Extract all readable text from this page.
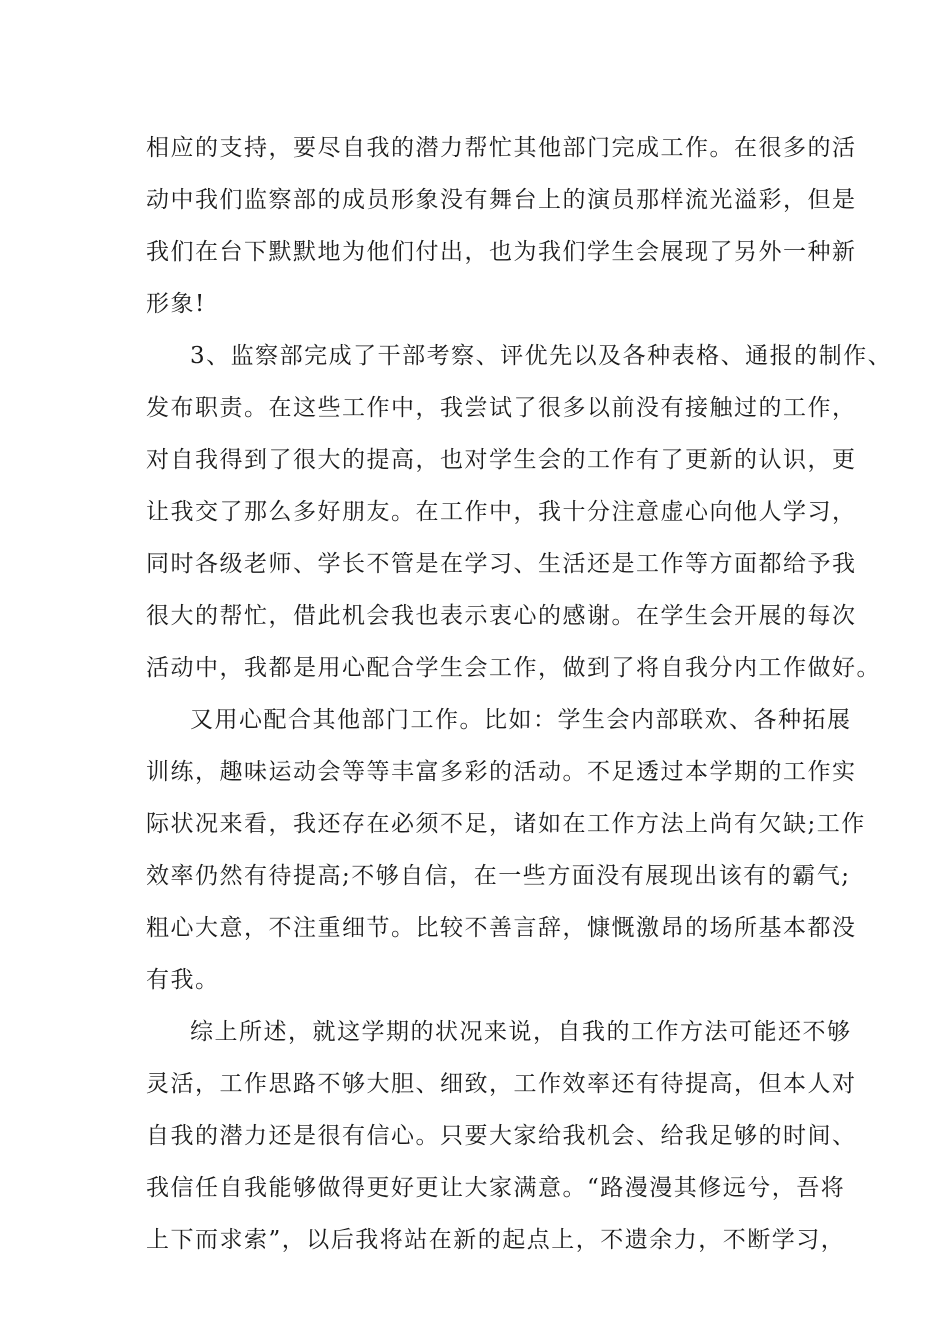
相应的支持，要尽自我的潜力帮忙其他部门完成工作。在很多的活

动中我们监察部的成员形象没有舞台上的演员那样流光溢彩，但是

我们在台下默默地为他们付出，也为我们学生会展现了另外一种新

形象!

3、监察部完成了干部考察、评优先以及各种表格、通报的制作、

发布职责。在这些工作中，我尝试了很多以前没有接触过的工作，

对自我得到了很大的提高，也对学生会的工作有了更新的认识，更

让我交了那么多好朋友。在工作中，我十分注意虚心向他人学习，

同时各级老师、学长不管是在学习、生活还是工作等方面都给予我

很大的帮忙，借此机会我也表示衷心的感谢。在学生会开展的每次

活动中，我都是用心配合学生会工作，做到了将自我分内工作做好。

又用心配合其他部门工作。比如：学生会内部联欢、各种拓展

训练，趣味运动会等等丰富多彩的活动。不足透过本学期的工作实

际状况来看，我还存在必须不足，诸如在工作方法上尚有欠缺;工作

效率仍然有待提高;不够自信，在一些方面没有展现出该有的霸气;

粗心大意，不注重细节。比较不善言辞，慷慨激昂的场所基本都没

有我。

综上所述，就这学期的状况来说，自我的工作方法可能还不够

灵活，工作思路不够大胆、细致，工作效率还有待提高，但本人对

自我的潜力还是很有信心。只要大家给我机会、给我足够的时间、

我信任自我能够做得更好更让大家满意。“路漫漫其修远兮，吾将

上下而求索”，以后我将站在新的起点上，不遗余力，不断学习，
